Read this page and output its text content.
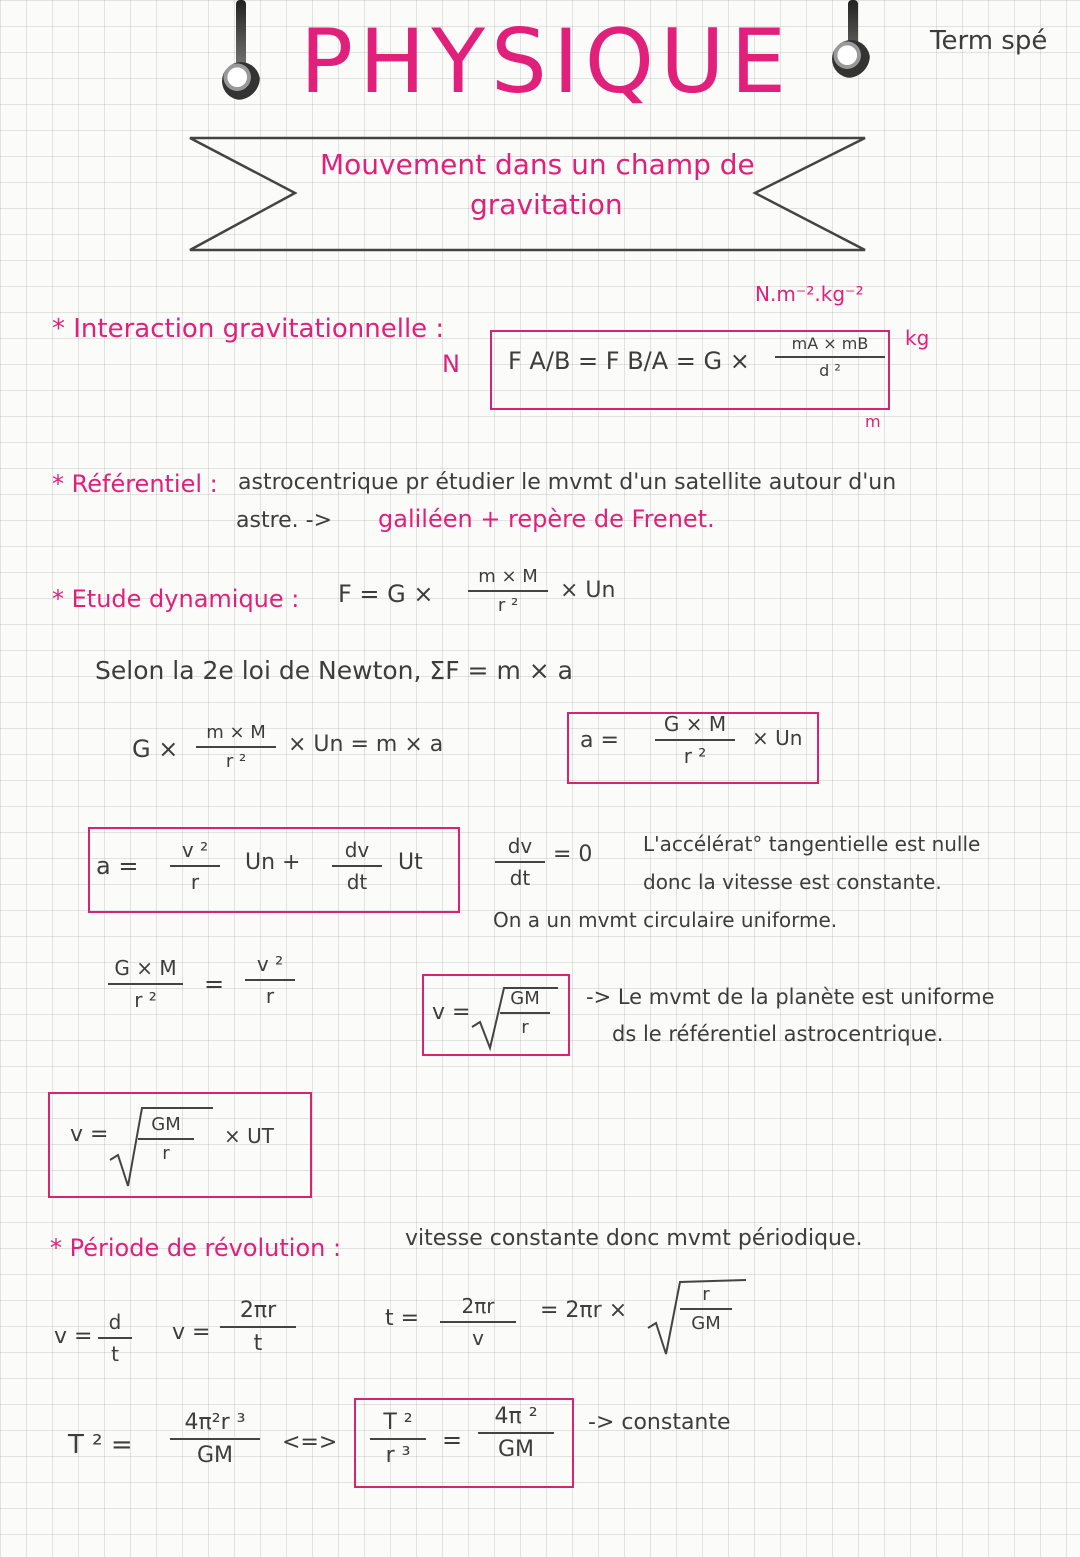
PHYSIQUE	Term spé
Mouvement dans un champ de
gravitation
* Interaction gravitationnelle :
N.m⁻².kg⁻²
N F A/B = F B/A = G ×
mA × mB
d ²
kg
m
* Référentiel : astrocentrique pr étudier le mvmt d'un satellite autour d'un
astre. -> galiléen + repère de Frenet.
* Etude dynamique : F = G ×
m × M
r ²
× Un
Selon la 2e loi de Newton, ΣF = m × a
G ×
m × M
r ²
× Un = m × a	a =
G × M
r ²
× Un
a =
v ²
r
Un +	dv
dt
Ut
dv
dt
= 0	L'accélérat° tangentielle est nulle
donc la vitesse est constante.
On a un mvmt circulaire uniforme.
G × M
r ²
=
v ²
r
v =
GM
r
-> Le mvmt de la planète est uniforme
ds le référentiel astrocentrique.
v =	GM
r
× UT
* Période de révolution :	vitesse constante donc mvmt périodique.
v =
d
t
v =
2πr
t
t =	2πr
v
= 2πr ×
r
GM
T ² =
4π²r ³
GM
<=>
T ²
r ³
=
4π ²
GM
-> constante
